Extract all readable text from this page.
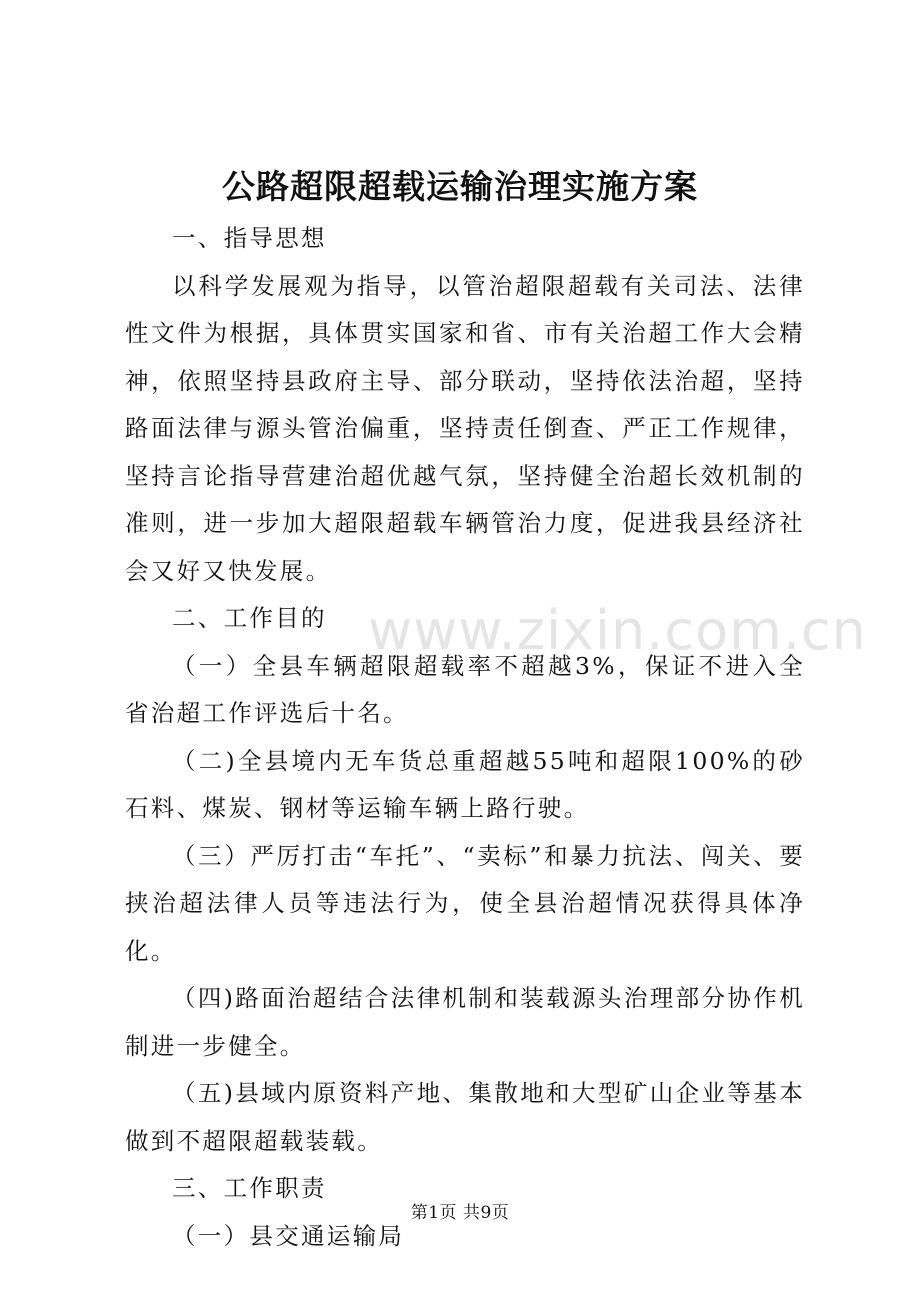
公路超限超载运输治理实施方案

一、指导思想

以科学发展观为指导，以管治超限超载有关司法、法律性文件为根据，具体贯实国家和省、市有关治超工作大会精神，依照坚持县政府主导、部分联动，坚持依法治超，坚持路面法律与源头管治偏重，坚持责任倒查、严正工作规律，坚持言论指导营建治超优越气氛，坚持健全治超长效机制的准则，进一步加大超限超载车辆管治力度，促进我县经济社会又好又快发展。

二、工作目的

（一）全县车辆超限超载率不超越3%，保证不进入全省治超工作评选后十名。

（二)全县境内无车货总重超越55吨和超限100%的砂石料、煤炭、钢材等运输车辆上路行驶。

（三）严厉打击“车托”、“卖标”和暴力抗法、闯关、要挟治超法律人员等违法行为，使全县治超情况获得具体净化。

（四)路面治超结合法律机制和装载源头治理部分协作机制进一步健全。

（五)县域内原资料产地、集散地和大型矿山企业等基本做到不超限超载装载。

三、工作职责

（一）县交通运输局

www.zixin.com.cn
第1页 共9页
